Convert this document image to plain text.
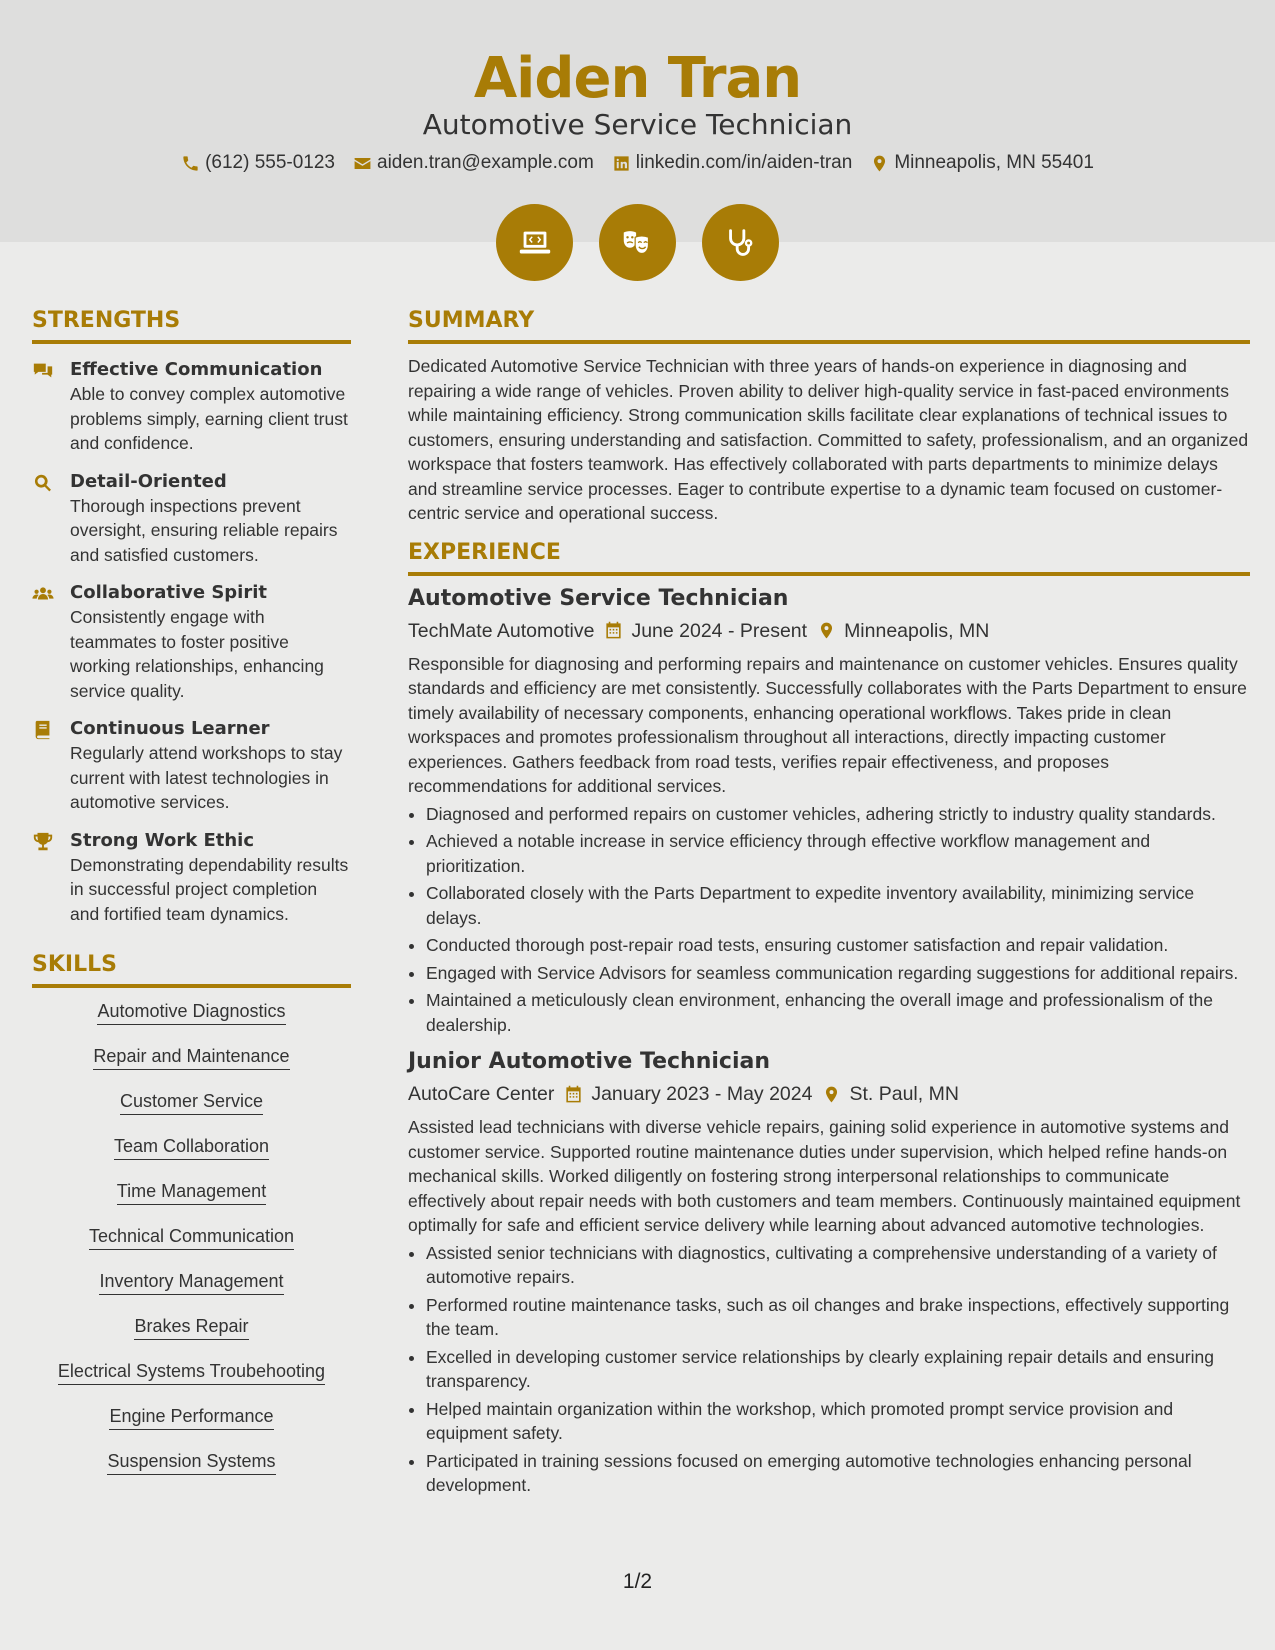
Aiden Tran
Automotive Service Technician
(612) 555-0123 aiden.tran@example.com linkedin.com/in/aiden-tran Minneapolis, MN 55401
STRENGTHS
Effective Communication
Able to convey complex automotive problems simply, earning client trust and confidence.
Detail-Oriented
Thorough inspections prevent oversight, ensuring reliable repairs and satisfied customers.
Collaborative Spirit
Consistently engage with teammates to foster positive working relationships, enhancing service quality.
Continuous Learner
Regularly attend workshops to stay current with latest technologies in automotive services.
Strong Work Ethic
Demonstrating dependability results in successful project completion and fortified team dynamics.
SKILLS
Automotive Diagnostics
Repair and Maintenance
Customer Service
Team Collaboration
Time Management
Technical Communication
Inventory Management
Brakes Repair
Electrical Systems Troubehooting
Engine Performance
Suspension Systems
SUMMARY

Dedicated Automotive Service Technician with three years of hands-on experience in diagnosing and repairing a wide range of vehicles. Proven ability to deliver high-quality service in fast-paced environments while maintaining efficiency. Strong communication skills facilitate clear explanations of technical issues to customers, ensuring understanding and satisfaction. Committed to safety, professionalism, and an organized workspace that fosters teamwork. Has effectively collaborated with parts departments to minimize delays and streamline service processes. Eager to contribute expertise to a dynamic team focused on customer-centric service and operational success.

EXPERIENCE
Automotive Service Technician
TechMate Automotive June 2024 - Present Minneapolis, MN

Responsible for diagnosing and performing repairs and maintenance on customer vehicles. Ensures quality standards and efficiency are met consistently. Successfully collaborates with the Parts Department to ensure timely availability of necessary components, enhancing operational workflows. Takes pride in clean workspaces and promotes professionalism throughout all interactions, directly impacting customer experiences. Gathers feedback from road tests, verifies repair effectiveness, and proposes recommendations for additional services.

• Diagnosed and performed repairs on customer vehicles, adhering strictly to industry quality standards.
• Achieved a notable increase in service efficiency through effective workflow management and prioritization.
• Collaborated closely with the Parts Department to expedite inventory availability, minimizing service delays.
• Conducted thorough post-repair road tests, ensuring customer satisfaction and repair validation.
• Engaged with Service Advisors for seamless communication regarding suggestions for additional repairs.
• Maintained a meticulously clean environment, enhancing the overall image and professionalism of the dealership.
Junior Automotive Technician
AutoCare Center January 2023 - May 2024 St. Paul, MN

Assisted lead technicians with diverse vehicle repairs, gaining solid experience in automotive systems and customer service. Supported routine maintenance duties under supervision, which helped refine hands-on mechanical skills. Worked diligently on fostering strong interpersonal relationships to communicate effectively about repair needs with both customers and team members. Continuously maintained equipment optimally for safe and efficient service delivery while learning about advanced automotive technologies.

• Assisted senior technicians with diagnostics, cultivating a comprehensive understanding of a variety of automotive repairs.
• Performed routine maintenance tasks, such as oil changes and brake inspections, effectively supporting the team.
• Excelled in developing customer service relationships by clearly explaining repair details and ensuring transparency.
• Helped maintain organization within the workshop, which promoted prompt service provision and equipment safety.
• Participated in training sessions focused on emerging automotive technologies enhancing personal development.
1/2
